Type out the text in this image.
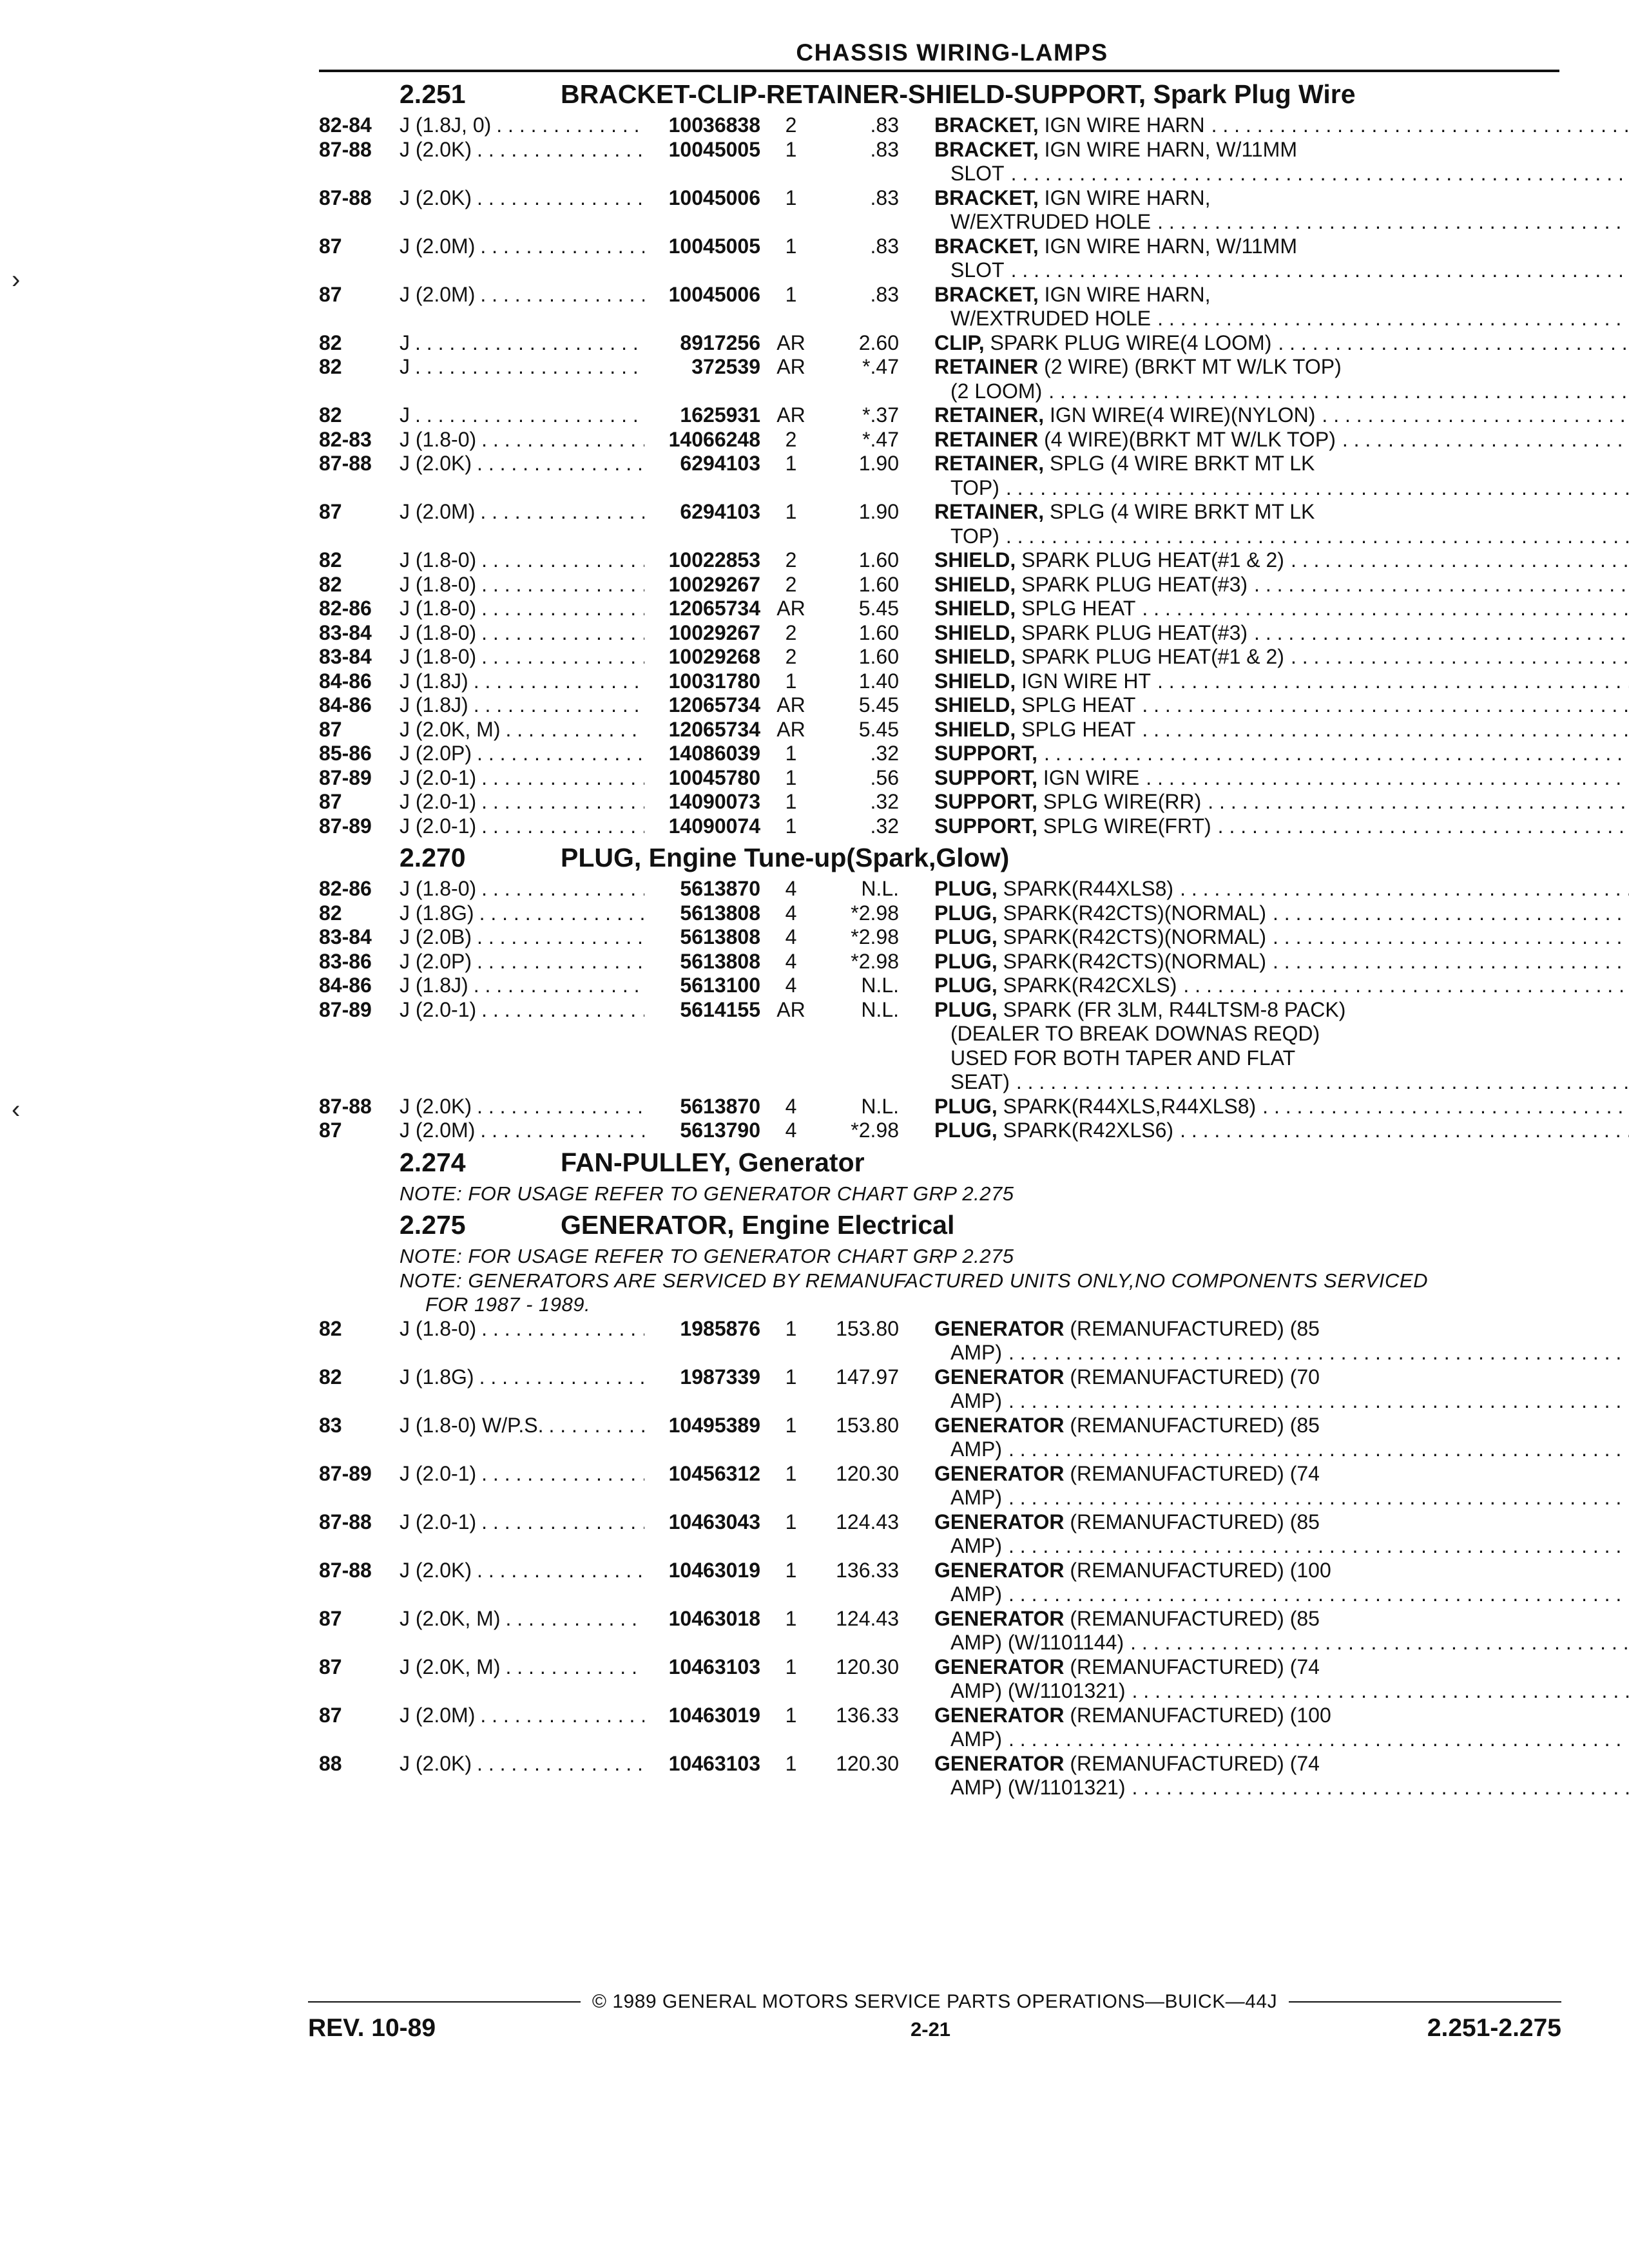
CHASSIS WIRING-LAMPS
2.251	BRACKET-CLIP-RETAINER-SHIELD-SUPPORT, Spark Plug Wire
82-84	J (1.8J, 0) . . .	10036838	2	.83 BRACKET, IGN WIRE HARN
. . .
87-88	J (2.0K) . . .	10045005	1	.83 BRACKET, IGN WIRE HARN, W/11MM
SLOT
. . .
87-88	J (2.0K) . . .	10045006	1	.83 BRACKET, IGN WIRE HARN,
W/EXTRUDED HOLE
. . .
87	J (2.0M) . . .	10045005	1	.83 BRACKET, IGN WIRE HARN, W/11MM
SLOT
. . .
87	J (2.0M) . . .	10045006	1	.83 BRACKET, IGN WIRE HARN,
W/EXTRUDED HOLE
. . .
82	J . . .	8917256 AR	2.60 CLIP, SPARK PLUG WIRE(4 LOOM)
. . .
82	J . . .	372539 AR	*.47 RETAINER (2 WIRE) (BRKT MT W/LK TOP)
(2 LOOM)
. . .
82	J . . .	1625931 AR	*.37 RETAINER, IGN WIRE(4 WIRE)(NYLON)
. . .
82-83	J (1.8-0) . . .	14066248	2	*.47 RETAINER (4 WIRE)(BRKT MT W/LK TOP)
. . .
87-88	J (2.0K) . . .	6294103	1	1.90 RETAINER, SPLG (4 WIRE BRKT MT LK
TOP)
. . .
87	J (2.0M) . . .	6294103	1	1.90 RETAINER, SPLG (4 WIRE BRKT MT LK
TOP)
. . .
82	J (1.8-0) . . .	10022853	2	1.60 SHIELD, SPARK PLUG HEAT(#1 & 2)
. . .
82	J (1.8-0) . . .	10029267	2	1.60 SHIELD, SPARK PLUG HEAT(#3)
. . .
82-86	J (1.8-0) . . .	12065734 AR	5.45 SHIELD, SPLG HEAT
. . .
83-84	J (1.8-0) . . .	10029267	2	1.60 SHIELD, SPARK PLUG HEAT(#3)
. . .
83-84	J (1.8-0) . . .	10029268	2	1.60 SHIELD, SPARK PLUG HEAT(#1 & 2)
. . .
84-86	J (1.8J) . . .	10031780	1	1.40 SHIELD, IGN WIRE HT
. . .
84-86	J (1.8J) . . .	12065734 AR	5.45 SHIELD, SPLG HEAT
. . .
87	J (2.0K, M) . . .	12065734 AR	5.45 SHIELD, SPLG HEAT
. . .
85-86	J (2.0P) . . .	14086039	1	.32 SUPPORT,
. . .
87-89	J (2.0-1) . . .	10045780	1	.56 SUPPORT, IGN WIRE
. . .
87	J (2.0-1) . . .	14090073	1	.32 SUPPORT, SPLG WIRE(RR)
. . .
87-89	J (2.0-1) . . .	14090074	1	.32 SUPPORT, SPLG WIRE(FRT)
. . .
2.270	PLUG, Engine Tune-up(Spark,Glow)
82-86	J (1.8-0) . . .	5613870	4	N.L. PLUG, SPARK(R44XLS8)
. . .
82	J (1.8G) . . .	5613808	4	*2.98 PLUG, SPARK(R42CTS)(NORMAL)
. . .
83-84	J (2.0B) . . .	5613808	4	*2.98 PLUG, SPARK(R42CTS)(NORMAL)
. . .
83-86	J (2.0P) . . .	5613808	4	*2.98 PLUG, SPARK(R42CTS)(NORMAL)
. . .
84-86	J (1.8J) . . .	5613100	4	N.L. PLUG, SPARK(R42CXLS)
. . .
87-89	J (2.0-1) . . .	5614155 AR	N.L. PLUG, SPARK (FR 3LM, R44LTSM-8 PACK)
(DEALER TO BREAK DOWNAS REQD)
USED FOR BOTH TAPER AND FLAT
SEAT)
. . .
87-88	J (2.0K) . . .	5613870	4	N.L. PLUG, SPARK(R44XLS,R44XLS8)
. . .
87	J (2.0M) . . .	5613790	4	*2.98 PLUG, SPARK(R42XLS6)
. . .
2.274	FAN-PULLEY, Generator
NOTE: FOR USAGE REFER TO GENERATOR CHART GRP 2.275
2.275	GENERATOR, Engine Electrical
NOTE: FOR USAGE REFER TO GENERATOR CHART GRP 2.275
NOTE: GENERATORS ARE SERVICED BY REMANUFACTURED UNITS ONLY,NO COMPONENTS SERVICED
FOR 1987 - 1989.
82	J (1.8-0) . . .	1985876	1	153.80 GENERATOR (REMANUFACTURED) (85
AMP)
. . .
82	J (1.8G) . . .	1987339	1	147.97 GENERATOR (REMANUFACTURED) (70
AMP)
. . .
83	J (1.8-0) W/P.S. . . .	10495389	1	153.80 GENERATOR (REMANUFACTURED) (85
AMP)
. . .
87-89	J (2.0-1) . . .	10456312	1	120.30 GENERATOR (REMANUFACTURED) (74
AMP)
. . .
87-88	J (2.0-1) . . .	10463043	1	124.43 GENERATOR (REMANUFACTURED) (85
AMP)
. . .
87-88	J (2.0K) . . .	10463019	1	136.33 GENERATOR (REMANUFACTURED) (100
AMP)
. . .
87	J (2.0K, M) . . .	10463018	1	124.43 GENERATOR (REMANUFACTURED) (85
AMP) (W/1101144)
. . .
87	J (2.0K, M) . . .	10463103	1	120.30 GENERATOR (REMANUFACTURED) (74
AMP) (W/1101321)
. . .
87	J (2.0M) . . .	10463019	1	136.33 GENERATOR (REMANUFACTURED) (100
AMP)
. . .
88	J (2.0K) . . .	10463103	1	120.30 GENERATOR (REMANUFACTURED) (74
AMP) (W/1101321)
. . .
© 1989 GENERAL MOTORS SERVICE PARTS OPERATIONS—BUICK—44J
REV. 10-89	2-21	2.251-2.275
›
‹
